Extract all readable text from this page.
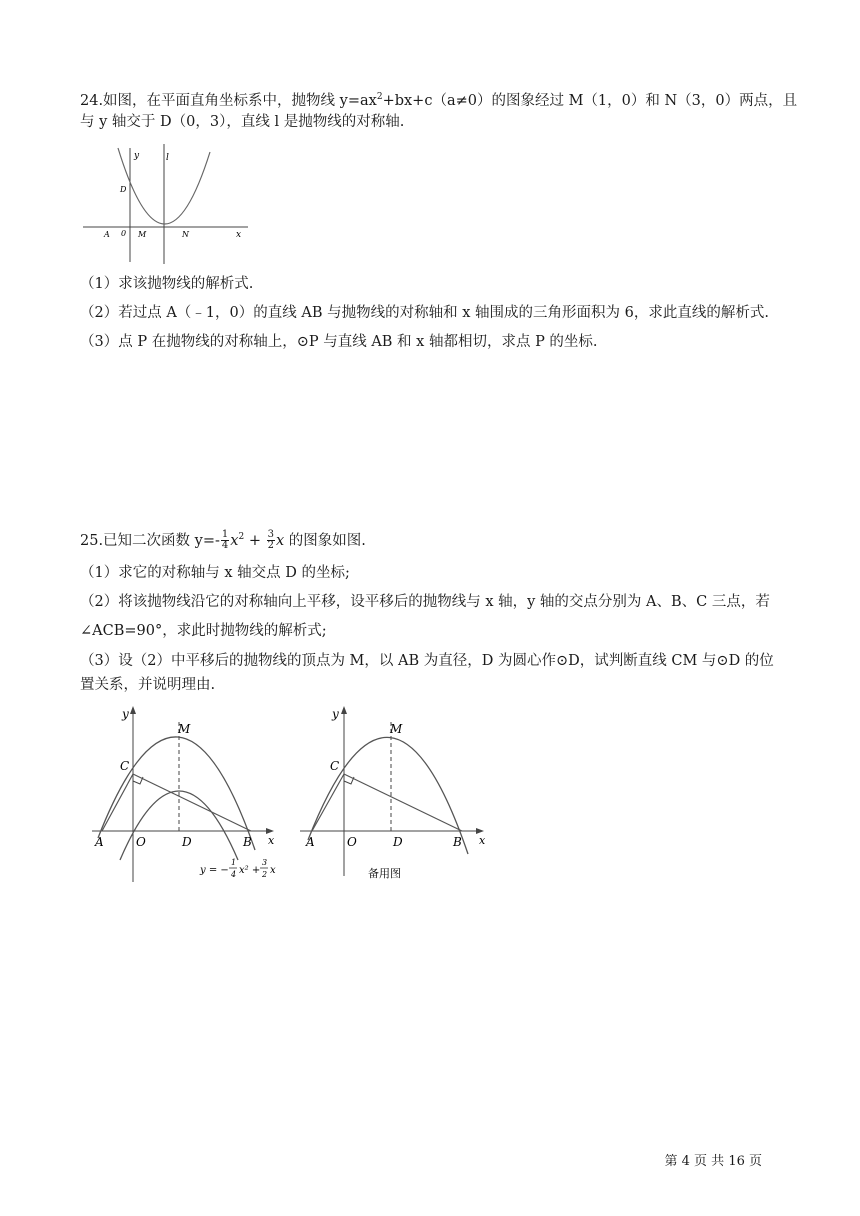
24.如图，在平面直角坐标系中，抛物线 $y=ax^2+bx+c(a\ne 0)$的图象经过 M（1，0）和 N（3，0）两点，且
与 y 轴交于 D（0，3），直线 l 是抛物线的对称轴.
y	l
D
A 0 M	N	x
（1）求该抛物线的解析式.
（2）若过点 A（﹣1，0）的直线 AB 与抛物线的对称轴和 x 轴围成的三角形面积为 6，求此直线的解析式.
（3）点 P 在抛物线的对称轴上，⊙P 与直线 AB 和 x 轴都相切，求点 P 的坐标.
25.已知二次函数 $y=- \frac{1}{4} x^2 + \frac{3}{2}$ x 的图象如图.
（1）求它的对称轴与 x 轴交点 D 的坐标;
（2）将该抛物线沿它的对称轴向上平移，设平移后的抛物线与 x 轴，y 轴的交点分别为 A、B、C 三点，若
∠ACB=90°，求此时抛物线的解析式;
（3）设（2）中平移后的抛物线的顶点为 M，以 AB 为直径，D 为圆心作⊙D，试判断直线 CM 与⊙D 的位
置关系，并说明理由.
y
M
C
A	O	D	B x
y = −
1
4 x² +
3
2 x
y
M
C
A	O	D	B x
备用图
第 4 页 共 16 页
